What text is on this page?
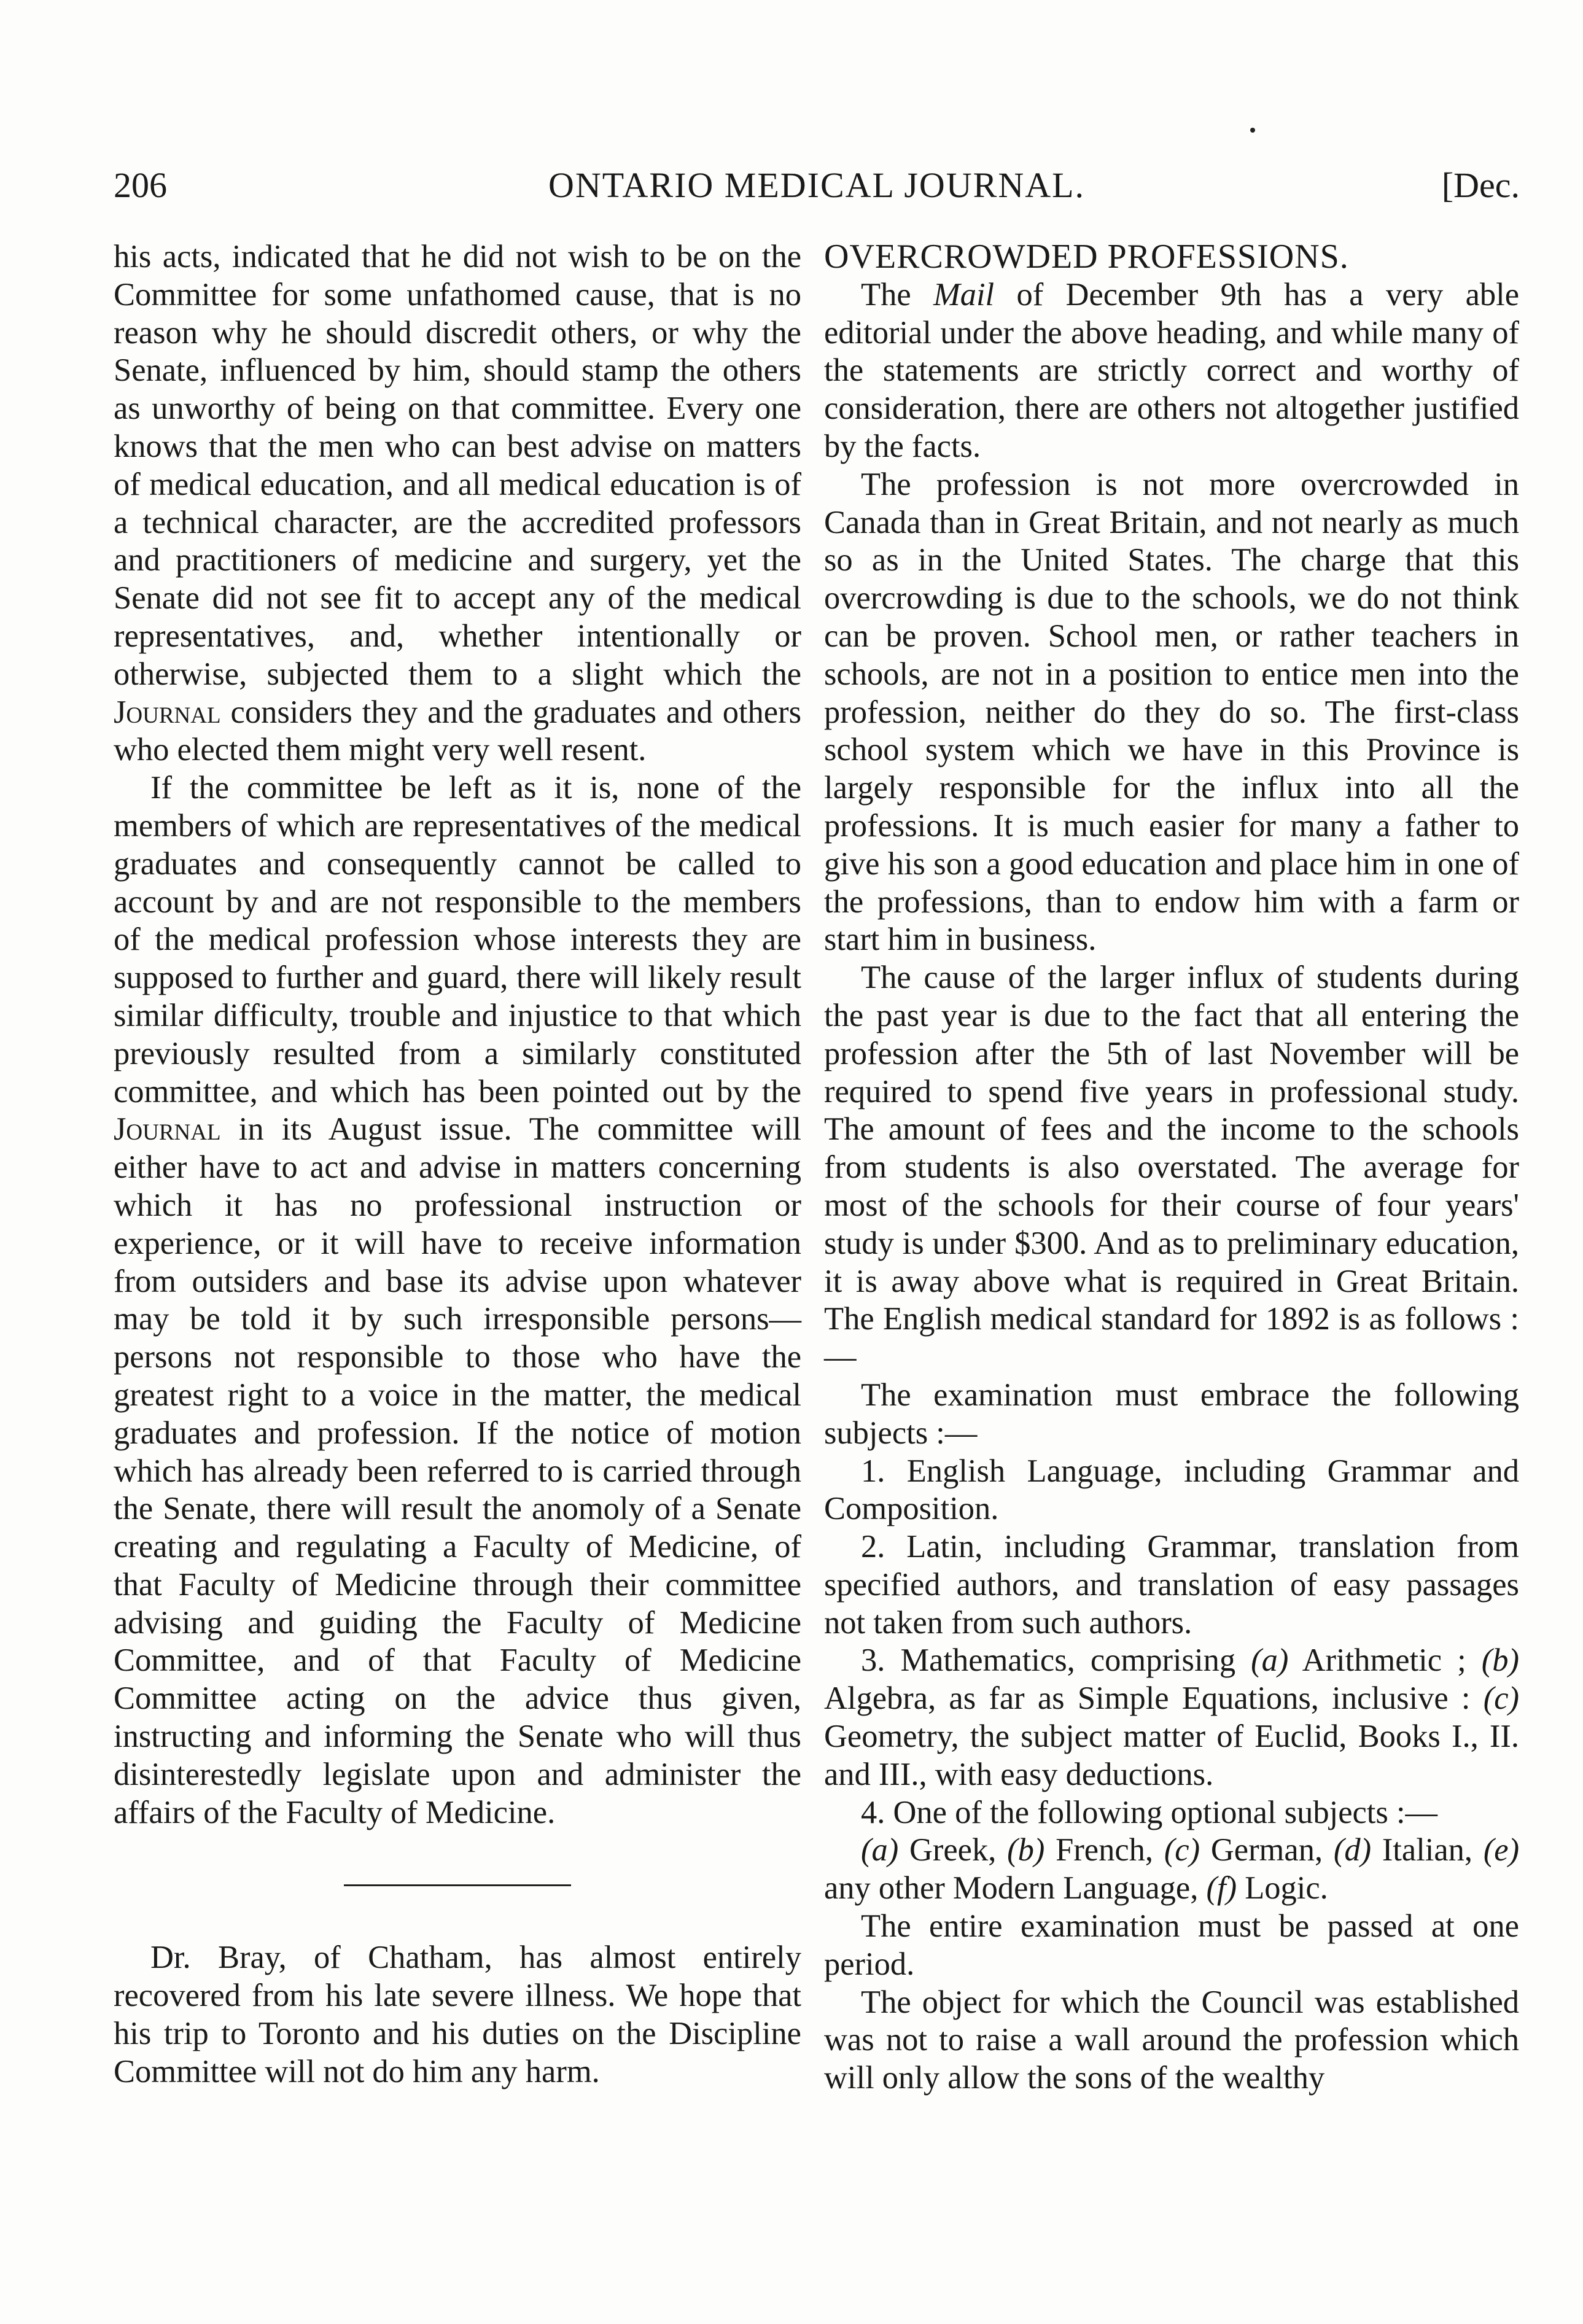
206	ONTARIO MEDICAL JOURNAL.	[Dec.

his acts, indicated that he did not wish to be on the Committee for some unfathomed cause, that is no reason why he should discredit others, or why the Senate, influenced by him, should stamp the others as unworthy of being on that committee. Every one knows that the men who can best advise on matters of medical education, and all medical education is of a technical character, are the accredited professors and practitioners of medicine and surgery, yet the Senate did not see fit to accept any of the medical representatives, and, whether intentionally or otherwise, subjected them to a slight which the Journal considers they and the graduates and others who elected them might very well resent.

If the committee be left as it is, none of the members of which are representatives of the medical graduates and consequently cannot be called to account by and are not responsible to the members of the medical profession whose interests they are supposed to further and guard, there will likely result similar difficulty, trouble and injustice to that which previously resulted from a similarly constituted committee, and which has been pointed out by the Journal in its August issue. The committee will either have to act and advise in matters concerning which it has no professional instruction or experience, or it will have to receive information from outsiders and base its advise upon whatever may be told it by such irresponsible persons—persons not responsible to those who have the greatest right to a voice in the matter, the medical graduates and profession. If the notice of motion which has already been referred to is carried through the Senate, there will result the anomoly of a Senate creating and regulating a Faculty of Medicine, of that Faculty of Medicine through their committee advising and guiding the Faculty of Medicine Committee, and of that Faculty of Medicine Committee acting on the advice thus given, instructing and informing the Senate who will thus disinterestedly legislate upon and administer the affairs of the Faculty of Medicine.

Dr. Bray, of Chatham, has almost entirely recovered from his late severe illness. We hope that his trip to Toronto and his duties on the Discipline Committee will not do him any harm.

OVERCROWDED PROFESSIONS.

The Mail of December 9th has a very able editorial under the above heading, and while many of the statements are strictly correct and worthy of consideration, there are others not altogether justified by the facts.

The profession is not more overcrowded in Canada than in Great Britain, and not nearly as much so as in the United States. The charge that this overcrowding is due to the schools, we do not think can be proven. School men, or rather teachers in schools, are not in a position to entice men into the profession, neither do they do so. The first-class school system which we have in this Province is largely responsible for the influx into all the professions. It is much easier for many a father to give his son a good education and place him in one of the professions, than to endow him with a farm or start him in business.

The cause of the larger influx of students during the past year is due to the fact that all entering the profession after the 5th of last November will be required to spend five years in professional study. The amount of fees and the income to the schools from students is also overstated. The average for most of the schools for their course of four years' study is under $300. And as to preliminary education, it is away above what is required in Great Britain. The English medical standard for 1892 is as follows :—

The examination must embrace the following subjects :—

1. English Language, including Grammar and Composition.

2. Latin, including Grammar, translation from specified authors, and translation of easy passages not taken from such authors.

3. Mathematics, comprising (a) Arithmetic ; (b) Algebra, as far as Simple Equations, inclusive : (c) Geometry, the subject matter of Euclid, Books I., II. and III., with easy deductions.

4. One of the following optional subjects :—

(a) Greek, (b) French, (c) German, (d) Italian, (e) any other Modern Language, (f) Logic.

The entire examination must be passed at one period.

The object for which the Council was established was not to raise a wall around the profession which will only allow the sons of the wealthy
